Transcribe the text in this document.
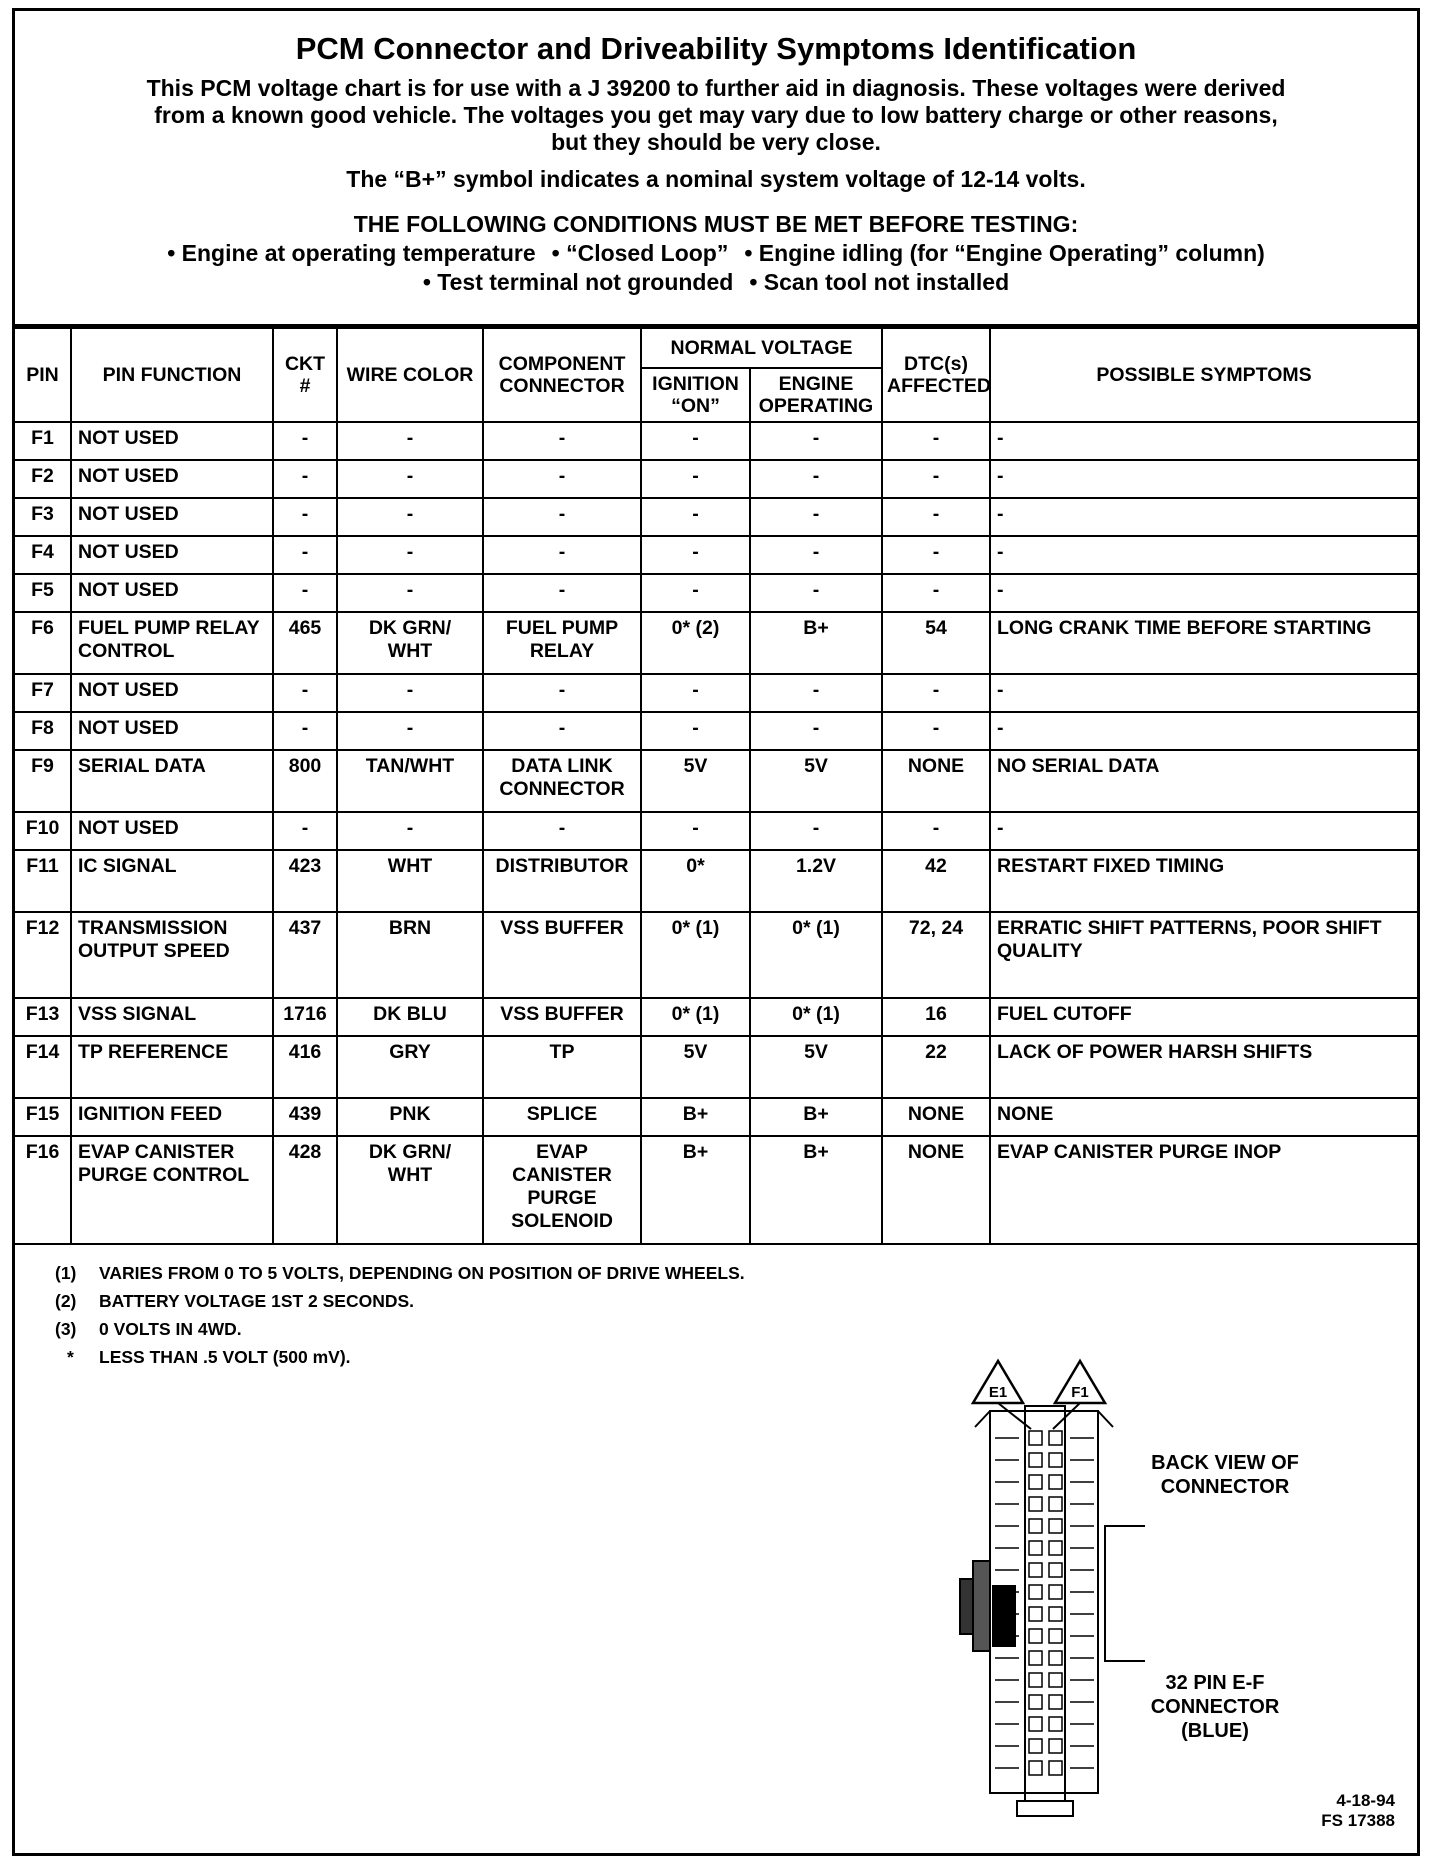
PCM Connector and Driveability Symptoms Identification
This PCM voltage chart is for use with a J 39200 to further aid in diagnosis. These voltages were derived
from a known good vehicle. The voltages you get may vary due to low battery charge or other reasons,
but they should be very close.
The “B+” symbol indicates a nominal system voltage of 12-14 volts.
THE FOLLOWING CONDITIONS MUST BE MET BEFORE TESTING:
• Engine at operating temperature • “Closed Loop” • Engine idling (for “Engine Operating” column)
• Test terminal not grounded • Scan tool not installed
PIN	PIN FUNCTION	CKT #	WIRE COLOR	COMPONENT CONNECTOR	NORMAL VOLTAGE		DTC(s) AFFECTED	POSSIBLE SYMPTOMS
					IGNITION “ON”	ENGINE OPERATING		
F1	NOT USED	-	-	-	-	-	-	-
F2	NOT USED	-	-	-	-	-	-	-
F3	NOT USED	-	-	-	-	-	-	-
F4	NOT USED	-	-	-	-	-	-	-
F5	NOT USED	-	-	-	-	-	-	-
F6	FUEL PUMP RELAY CONTROL	465	DK GRN/ WHT	FUEL PUMP RELAY	0* (2)	B+	54	LONG CRANK TIME BEFORE STARTING
F7	NOT USED	-	-	-	-	-	-	-
F8	NOT USED	-	-	-	-	-	-	-
F9	SERIAL DATA	800	TAN/WHT	DATA LINK CONNECTOR	5V	5V	NONE	NO SERIAL DATA
F10	NOT USED	-	-	-	-	-	-	-
F11	IC SIGNAL	423	WHT	DISTRIBUTOR	0*	1.2V	42	RESTART FIXED TIMING
F12	TRANSMISSION OUTPUT SPEED	437	BRN	VSS BUFFER	0* (1)	0* (1)	72, 24	ERRATIC SHIFT PATTERNS, POOR SHIFT QUALITY
F13	VSS SIGNAL	1716	DK BLU	VSS BUFFER	0* (1)	0* (1)	16	FUEL CUTOFF
F14	TP REFERENCE	416	GRY	TP	5V	5V	22	LACK OF POWER HARSH SHIFTS
F15	IGNITION FEED	439	PNK	SPLICE	B+	B+	NONE	NONE
F16	EVAP CANISTER PURGE CONTROL	428	DK GRN/ WHT	EVAP CANISTER PURGE SOLENOID	B+	B+	NONE	EVAP CANISTER PURGE INOP
(1)	VARIES FROM 0 TO 5 VOLTS, DEPENDING ON POSITION OF DRIVE WHEELS.
(2)	BATTERY VOLTAGE 1ST 2 SECONDS.
(3)	0 VOLTS IN 4WD.
*	LESS THAN .5 VOLT (500 mV).
E1	F1
BACK VIEW OF CONNECTOR
32 PIN E-F CONNECTOR (BLUE)
4-18-94
FS 17388
